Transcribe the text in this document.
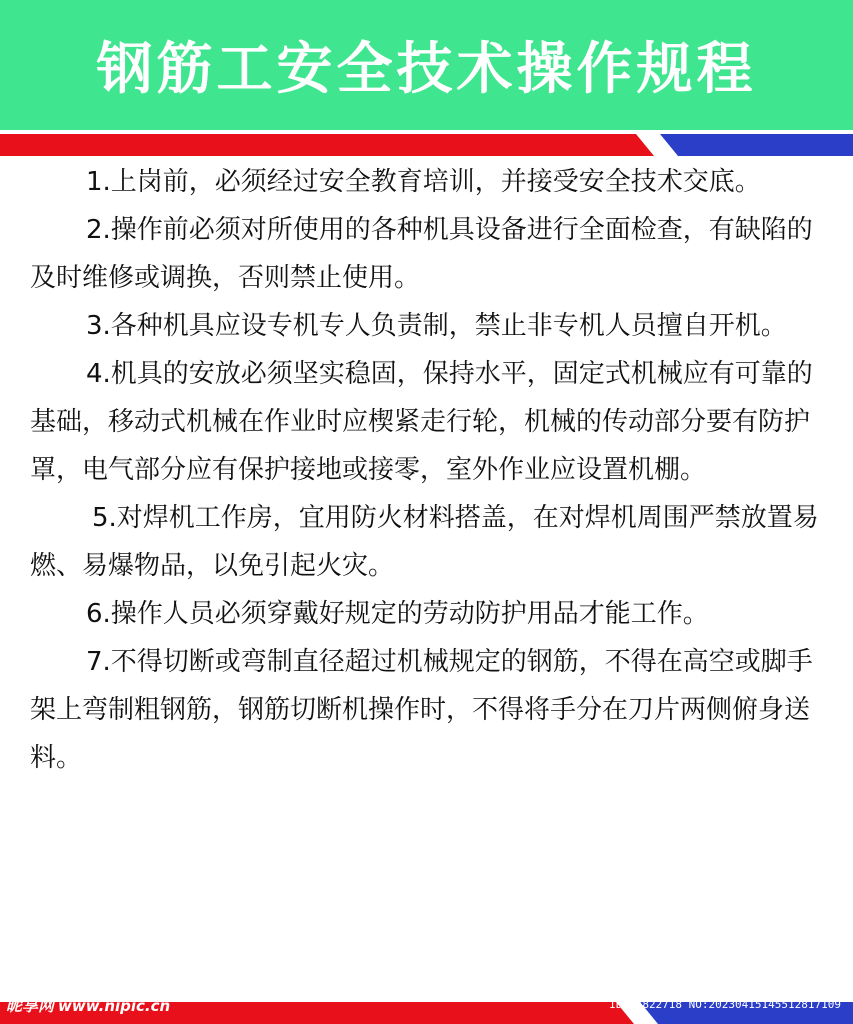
钢筋工安全技术操作规程

1.上岗前，必须经过安全教育培训，并接受安全技术交底。

2.操作前必须对所使用的各种机具设备进行全面检查，有缺陷的及时维修或调换，否则禁止使用。

3.各种机具应设专机专人负责制，禁止非专机人员擅自开机。

4.机具的安放必须坚实稳固，保持水平，固定式机械应有可靠的基础，移动式机械在作业时应楔紧走行轮，机械的传动部分要有防护罩，电气部分应有保护接地或接零，室外作业应设置机棚。

5.对焊机工作房，宜用防火材料搭盖，在对焊机周围严禁放置易燃、易爆物品，以免引起火灾。

6.操作人员必须穿戴好规定的劳动防护用品才能工作。

7.不得切断或弯制直径超过机械规定的钢筋，不得在高空或脚手架上弯制粗钢筋，钢筋切断机操作时，不得将手分在刀片两侧俯身送料。

昵享网 www.nipic.cn	ID:34822718 NO:20230415145512817109
